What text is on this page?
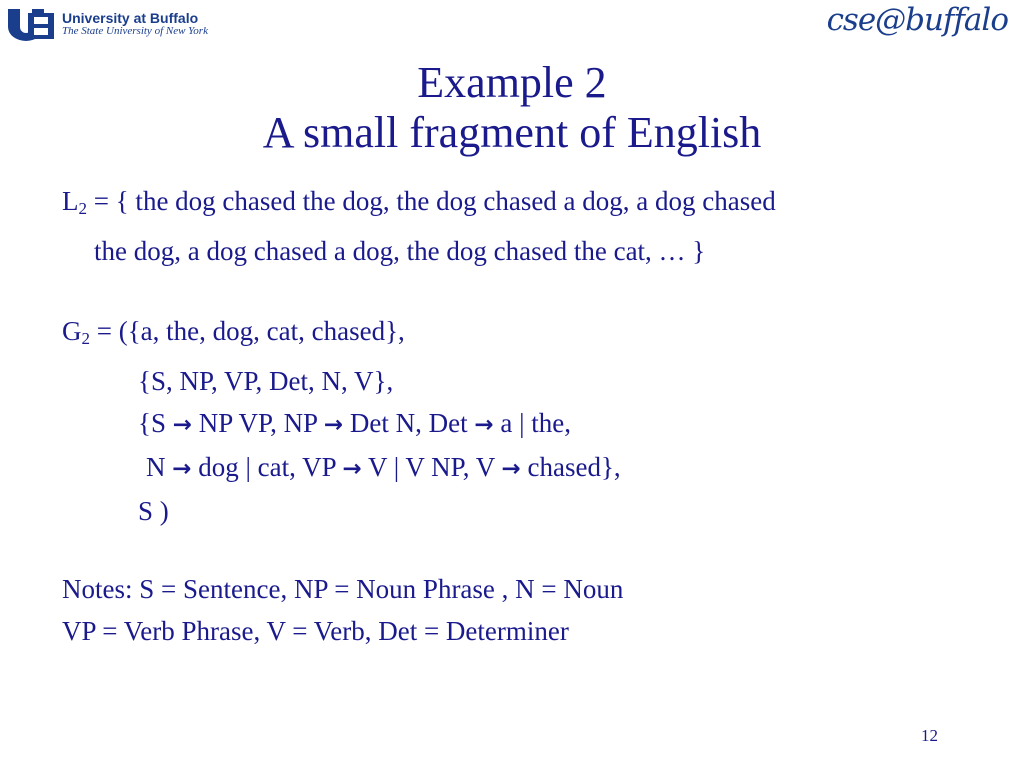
University at Buffalo
The State University of New York	cse@buffalo
Example 2
A small fragment of English
$L_2$ = { the dog chased the dog, the dog chased a dog, a dog chased
the dog, a dog chased a dog, the dog chased the cat, … }
$G_2 = (\{a$, the, dog, cat, chased},
{S, NP, VP, Det, N, V},
{S → NP VP, NP → Det N, Det → a | the,
N → dog | cat, VP → V | V NP, V → chased},
S )
Notes: S = Sentence, NP = Noun Phrase , N = Noun
VP = Verb Phrase, V = Verb, Det = Determiner
12
